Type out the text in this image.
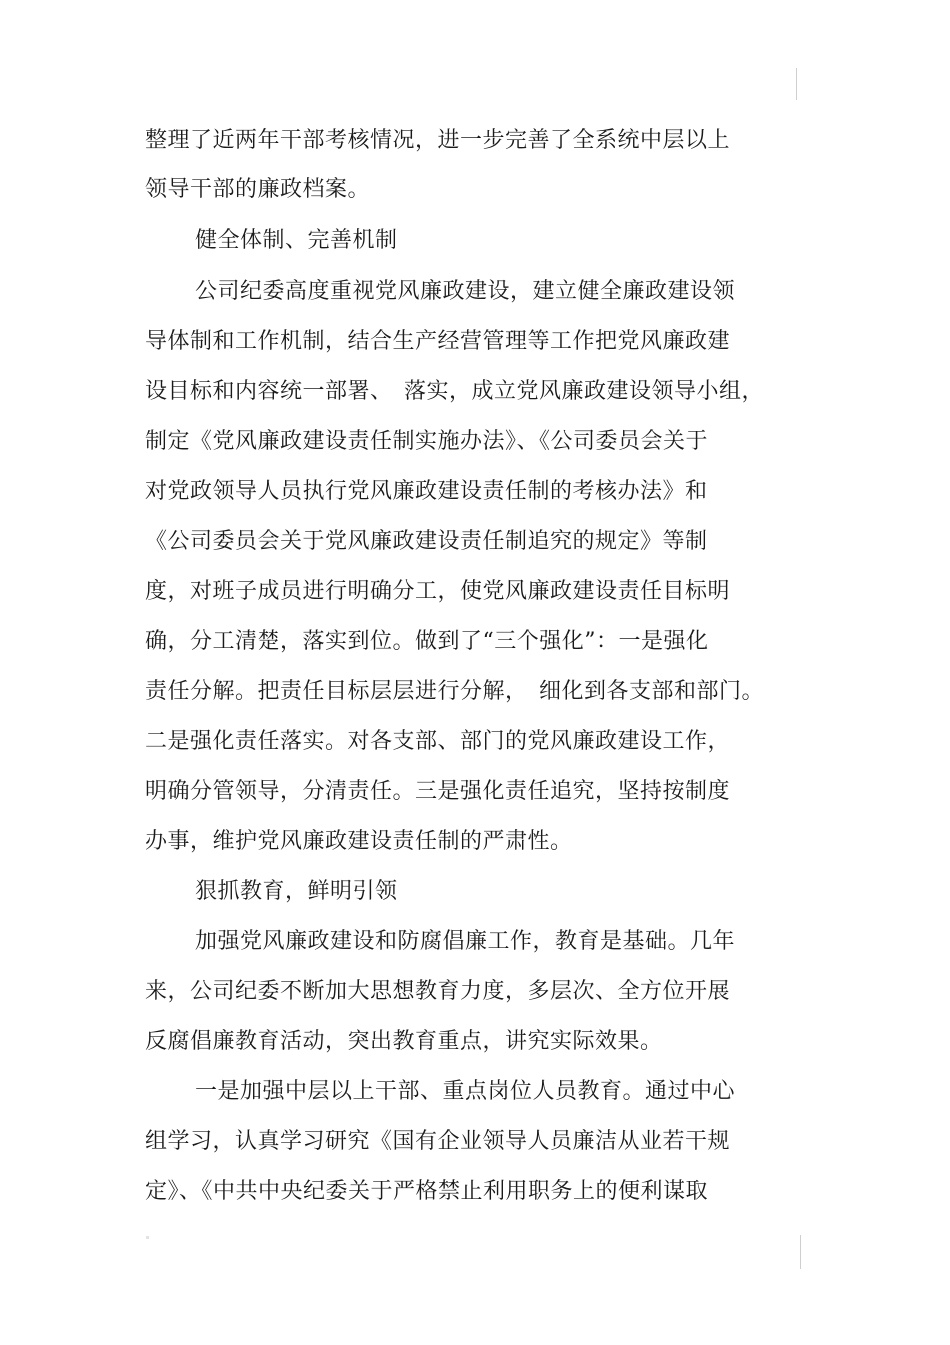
整理了近两年干部考核情况，进一步完善了全系统中层以上
领导干部的廉政档案。
健全体制、完善机制
公司纪委高度重视党风廉政建设，建立健全廉政建设领
导体制和工作机制，结合生产经营管理等工作把党风廉政建
设目标和内容统一部署、　落实，成立党风廉政建设领导小组，
制定《党风廉政建设责任制实施办法》、《公司委员会关于
对党政领导人员执行党风廉政建设责任制的考核办法》和
《公司委员会关于党风廉政建设责任制追究的规定》等制
度，对班子成员进行明确分工，使党风廉政建设责任目标明
确，分工清楚，落实到位。做到了“三个强化”：一是强化
责任分解。把责任目标层层进行分解，　细化到各支部和部门。
二是强化责任落实。对各支部、部门的党风廉政建设工作，
明确分管领导，分清责任。三是强化责任追究，坚持按制度
办事，维护党风廉政建设责任制的严肃性。
狠抓教育，鲜明引领
加强党风廉政建设和防腐倡廉工作，教育是基础。几年
来，公司纪委不断加大思想教育力度，多层次、全方位开展
反腐倡廉教育活动，突出教育重点，讲究实际效果。
一是加强中层以上干部、重点岗位人员教育。通过中心
组学习，认真学习研究《国有企业领导人员廉洁从业若干规
定》、《中共中央纪委关于严格禁止利用职务上的便利谋取
